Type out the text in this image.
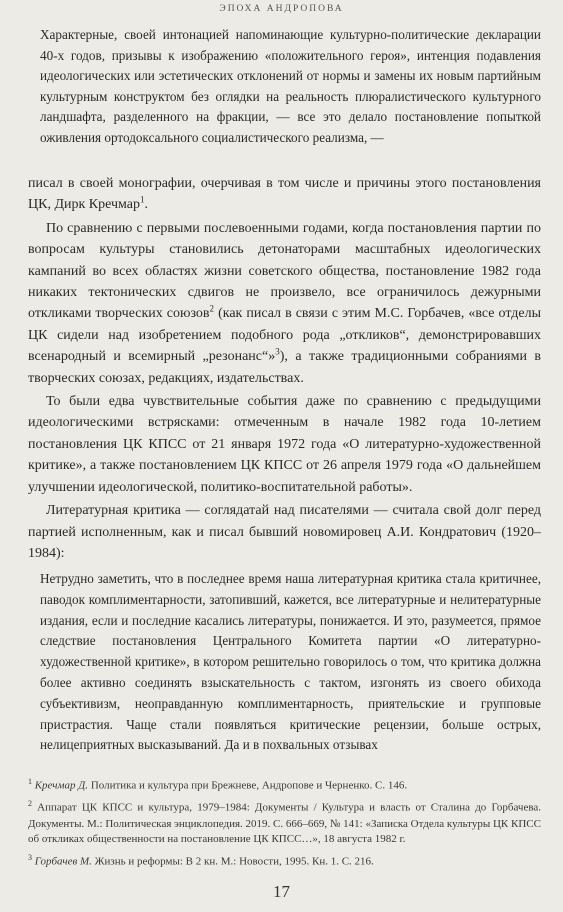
ЭПОХА АНДРОПОВА

Характерные, своей интонацией напоминающие культурно-политические декларации 40-х годов, призывы к изображению «положительного героя», интенция подавления идеологических или эстетических отклонений от нормы и замены их новым партийным культурным конструктом без оглядки на реальность плюралистического культурного ландшафта, разделенного на фракции, — все это делало постановление попыткой оживления ортодоксального социалистического реализма, —

писал в своей монографии, очерчивая в том числе и причины этого постановления ЦК, Дирк Кречмар$^1$.

По сравнению с первыми послевоенными годами, когда постановления партии по вопросам культуры становились детонаторами масштабных идеологических кампаний во всех областях жизни советского общества, постановление 1982 года никаких тектонических сдвигов не произвело, все ограничилось дежурными откликами творческих союзов$^2$ (как писал в связи с этим М.С. Горбачев, «все отделы ЦК сидели над изобретением подобного рода „откликов“, демонстрировавших всенародный и всемирный „резонанс“»$^3$), а также традиционными собраниями в творческих союзах, редакциях, издательствах.

То были едва чувствительные события даже по сравнению с предыдущими идеологическими встрясками: отмеченным в начале 1982 года 10-летием постановления ЦК КПСС от 21 января 1972 года «О литературно-художественной критике», а также постановлением ЦК КПСС от 26 апреля 1979 года «О дальнейшем улучшении идеологической, политико-воспитательной работы».

Литературная критика — соглядатай над писателями — считала свой долг перед партией исполненным, как и писал бывший новомировец А.И. Кондратович (1920–1984):

Нетрудно заметить, что в последнее время наша литературная критика стала критичнее, паводок комплиментарности, затопивший, кажется, все литературные и нелитературные издания, если и последние касались литературы, понижается. И это, разумеется, прямое следствие постановления Центрального Комитета партии «О литературно-художественной критике», в котором решительно говорилось о том, что критика должна более активно соединять взыскательность с тактом, изгонять из своего обихода субъективизм, неоправданную комплиментарность, приятельские и групповые пристрастия. Чаще стали появляться критические рецензии, больше острых, нелицеприятных высказываний. Да и в похвальных отзывах

$^1$ Кречмар Д. Политика и культура при Брежневе, Андропове и Черненко. С. 146.

$^2$ Аппарат ЦК КПСС и культура, 1979–1984: Документы / Культура и власть от Сталина до Горбачева. Документы. М.: Политическая энциклопедия. 2019. С. 666–669, № 141: «Записка Отдела культуры ЦК КПСС об откликах общественности на постановление ЦК КПСС…», 18 августа 1982 г.

$^3$ Горбачев М. Жизнь и реформы: В 2 кн. М.: Новости, 1995. Кн. 1. С. 216.

17
